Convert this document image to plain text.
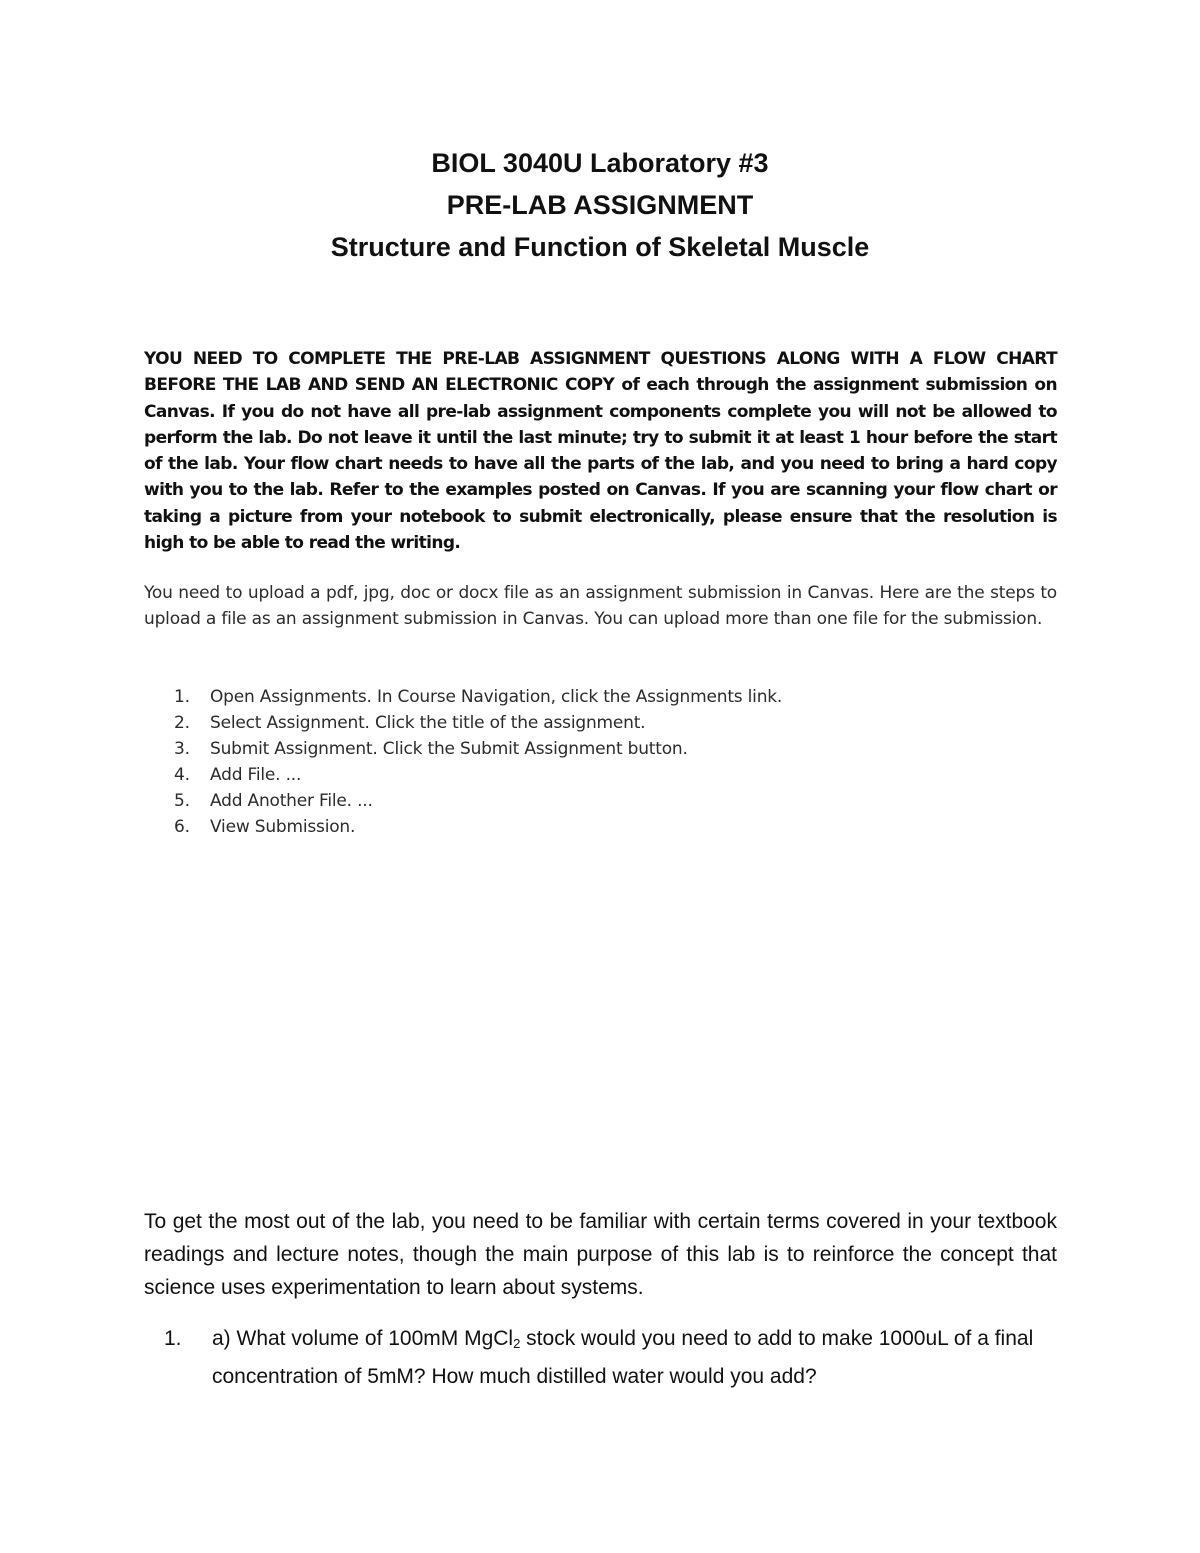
BIOL 3040U Laboratory #3
PRE-LAB ASSIGNMENT
Structure and Function of Skeletal Muscle
YOU NEED TO COMPLETE THE PRE-LAB ASSIGNMENT QUESTIONS ALONG WITH A FLOW CHART BEFORE THE LAB AND SEND AN ELECTRONIC COPY of each through the assignment submission on Canvas. If you do not have all pre-lab assignment components complete you will not be allowed to perform the lab. Do not leave it until the last minute; try to submit it at least 1 hour before the start of the lab. Your flow chart needs to have all the parts of the lab, and you need to bring a hard copy with you to the lab. Refer to the examples posted on Canvas. If you are scanning your flow chart or taking a picture from your notebook to submit electronically, please ensure that the resolution is high to be able to read the writing.
You need to upload a pdf, jpg, doc or docx file as an assignment submission in Canvas. Here are the steps to upload a file as an assignment submission in Canvas. You can upload more than one file for the submission.
1.	Open Assignments. In Course Navigation, click the Assignments link.
2.	Select Assignment. Click the title of the assignment.
3.	Submit Assignment. Click the Submit Assignment button.
4.	Add File. ...
5.	Add Another File. ...
6.	View Submission.
To get the most out of the lab, you need to be familiar with certain terms covered in your textbook readings and lecture notes, though the main purpose of this lab is to reinforce the concept that science uses experimentation to learn about systems.
1. a) What volume of 100mM MgCl$_2$ stock would you need to add to make 1000uL of a final concentration of 5mM? How much distilled water would you add?
